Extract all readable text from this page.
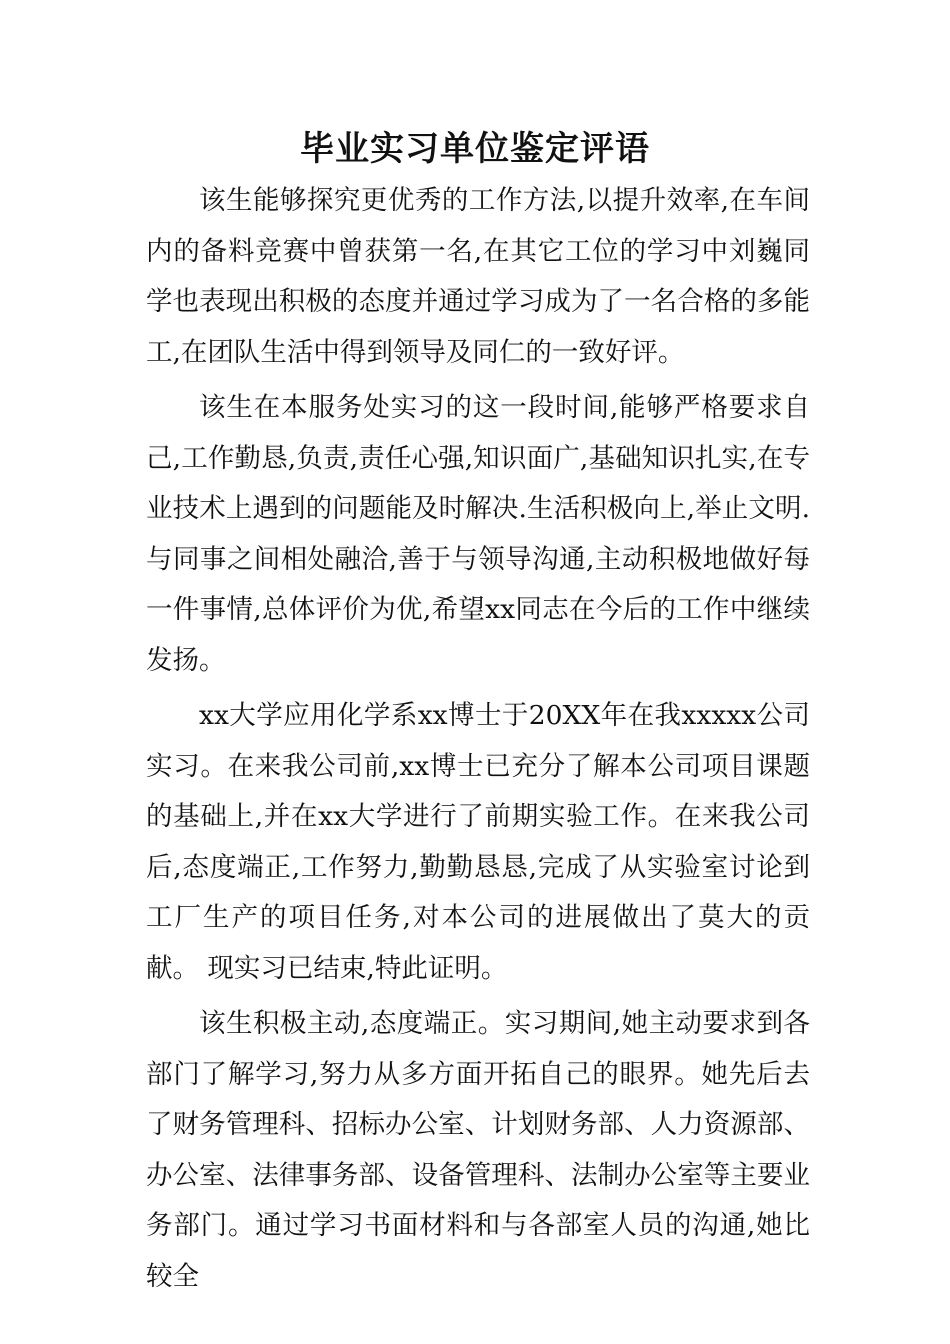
毕业实习单位鉴定评语

该生能够探究更优秀的工作方法,以提升效率,在车间内的备料竞赛中曾获第一名,在其它工位的学习中刘巍同学也表现出积极的态度并通过学习成为了一名合格的多能工,在团队生活中得到领导及同仁的一致好评。

该生在本服务处实习的这一段时间,能够严格要求自己,工作勤恳,负责,责任心强,知识面广,基础知识扎实,在专业技术上遇到的问题能及时解决.生活积极向上,举止文明.与同事之间相处融洽,善于与领导沟通,主动积极地做好每一件事情,总体评价为优,希望xx同志在今后的工作中继续发扬。

xx大学应用化学系xx博士于20XX年在我xxxxx公司实习。在来我公司前,xx博士已充分了解本公司项目课题的基础上,并在xx大学进行了前期实验工作。在来我公司后,态度端正,工作努力,勤勤恳恳,完成了从实验室讨论到工厂生产的项目任务,对本公司的进展做出了莫大的贡献。 现实习已结束,特此证明。

该生积极主动,态度端正。实习期间,她主动要求到各部门了解学习,努力从多方面开拓自己的眼界。她先后去了财务管理科、招标办公室、计划财务部、人力资源部、办公室、法律事务部、设备管理科、法制办公室等主要业务部门。通过学习书面材料和与各部室人员的沟通,她比较全
